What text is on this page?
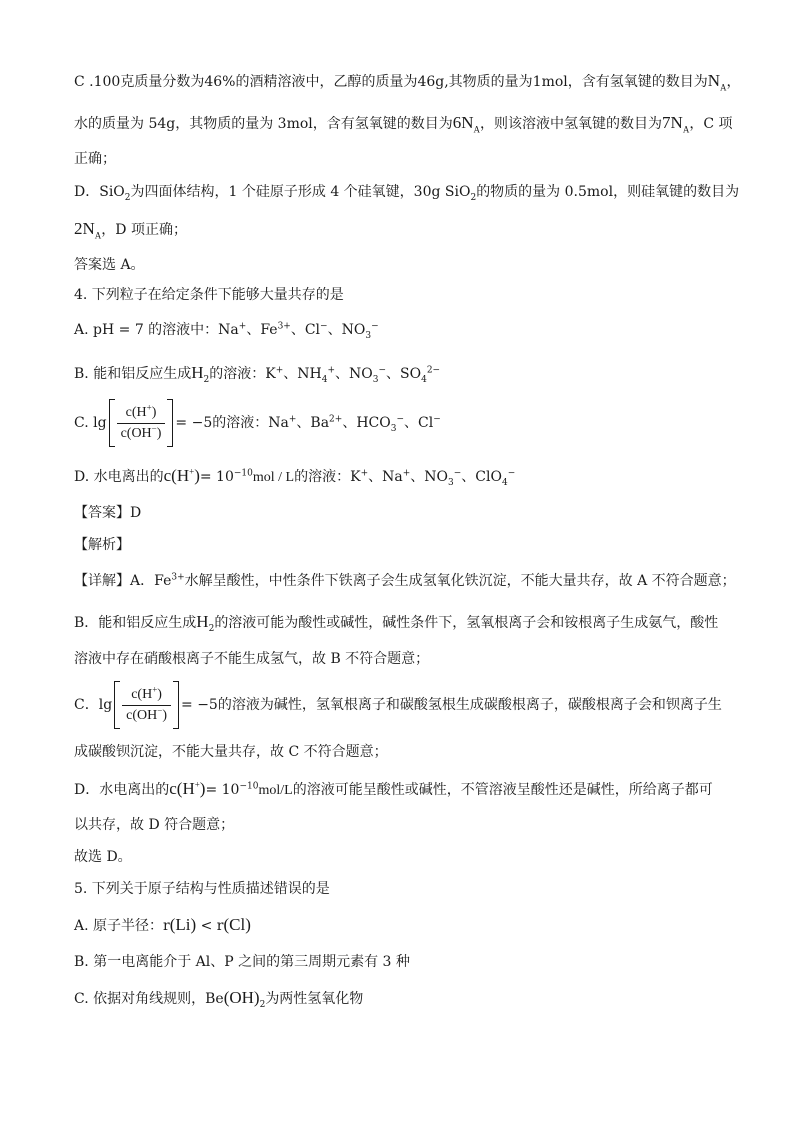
C .100克质量分数为46%的酒精溶液中，乙醇的质量为46g,其物质的量为1mol，含有氢氧键的数目为$N_A$，
水的质量为 54g，其物质的量为 3mol，含有氢氧键的数目为$6N_A$，则该溶液中氢氧键的数目为$7N_A$，C 项
正确；
D．SiO$_2$为四面体结构，1 个硅原子形成 4 个硅氧键，30g SiO$_2$的物质的量为 0.5mol，则硅氧键的数目为
$2N_A$，D 项正确；
答案选 A。
4. 下列粒子在给定条件下能够大量共存的是
A. pH = 7 的溶液中：Na+、$Fe^{3+}$、Cl−、$NO_3^-$
B. 能和铝反应生成$H_2$的溶液：K+、$NH_4^+$、$NO_3^-$、$SO_4^{2-}$
C. $\lg \frac{c(H^+)}{c(OH^-)} = -5$的溶液：Na+、$Ba^{2+}$、$HCO_3^-$、Cl−
D. 水电离出的$c(H^+)= 10^{-10}mol / L$的溶液：K+、Na+、$NO_3^-$、ClO$_4$−
【答案】D
【解析】
【详解】A．$Fe^{3+}$水解呈酸性，中性条件下铁离子会生成氢氧化铁沉淀，不能大量共存，故 A 不符合题意；
B．能和铝反应生成$H_2$的溶液可能为酸性或碱性，碱性条件下，氢氧根离子会和铵根离子生成氨气，酸性
溶液中存在硝酸根离子不能生成氢气，故 B 不符合题意；
C．$\lg \frac{c(H^+)}{c(OH^-)} = -5$的溶液为碱性，氢氧根离子和碳酸氢根生成碳酸根离子，碳酸根离子会和钡离子生
成碳酸钡沉淀，不能大量共存，故 C 不符合题意；
D．水电离出的$c(H^+)= 10^{-10}mol/L$的溶液可能呈酸性或碱性，不管溶液呈酸性还是碱性，所给离子都可
以共存，故 D 符合题意；
故选 D。
5. 下列关于原子结构与性质描述错误的是
A. 原子半径：r(Li) < r(Cl)
B. 第一电离能介于 Al、P 之间的第三周期元素有 3 种
C. 依据对角线规则，$Be(OH)_2$为两性氢氧化物
